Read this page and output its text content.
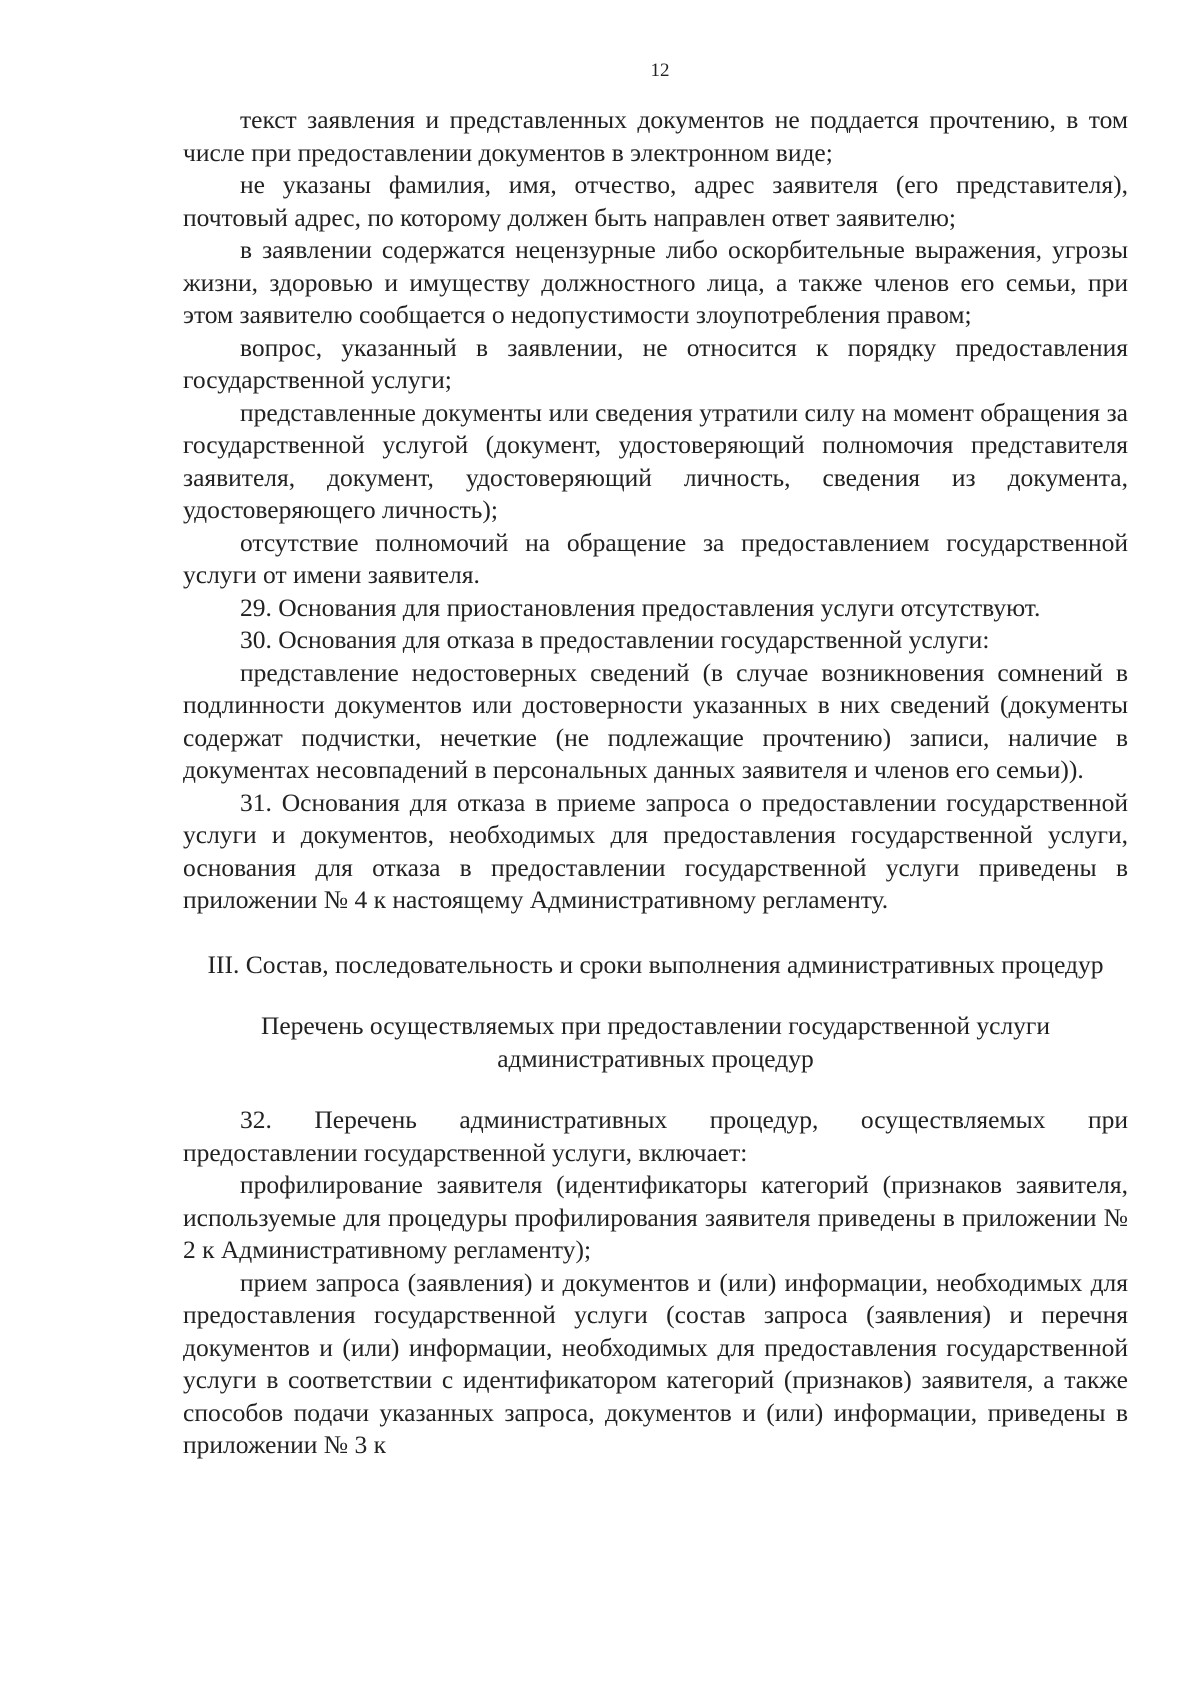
12

текст заявления и представленных документов не поддается прочтению, в том числе при предоставлении документов в электронном виде;

не указаны фамилия, имя, отчество, адрес заявителя (его представителя), почтовый адрес, по которому должен быть направлен ответ заявителю;

в заявлении содержатся нецензурные либо оскорбительные выражения, угрозы жизни, здоровью и имуществу должностного лица, а также членов его семьи, при этом заявителю сообщается о недопустимости злоупотребления правом;

вопрос, указанный в заявлении, не относится к порядку предоставления государственной услуги;

представленные документы или сведения утратили силу на момент обращения за государственной услугой (документ, удостоверяющий полномочия представителя заявителя, документ, удостоверяющий личность, сведения из документа, удостоверяющего личность);

отсутствие полномочий на обращение за предоставлением государственной услуги от имени заявителя.

29. Основания для приостановления предоставления услуги отсутствуют.

30. Основания для отказа в предоставлении государственной услуги:

представление недостоверных сведений (в случае возникновения сомнений в подлинности документов или достоверности указанных в них сведений (документы содержат подчистки, нечеткие (не подлежащие прочтению) записи, наличие в документах несовпадений в персональных данных заявителя и членов его семьи)).

31. Основания для отказа в приеме запроса о предоставлении государственной услуги и документов, необходимых для предоставления государственной услуги, основания для отказа в предоставлении государственной услуги приведены в приложении № 4 к настоящему Административному регламенту.

III. Состав, последовательность и сроки выполнения административных процедур

Перечень осуществляемых при предоставлении государственной услуги административных процедур

32. Перечень административных процедур, осуществляемых при предоставлении государственной услуги, включает:

профилирование заявителя (идентификаторы категорий (признаков заявителя, используемые для процедуры профилирования заявителя приведены в приложении № 2 к Административному регламенту);

прием запроса (заявления) и документов и (или) информации, необходимых для предоставления государственной услуги (состав запроса (заявления) и перечня документов и (или) информации, необходимых для предоставления государственной услуги в соответствии с идентификатором категорий (признаков) заявителя, а также способов подачи указанных запроса, документов и (или) информации, приведены в приложении № 3 к
